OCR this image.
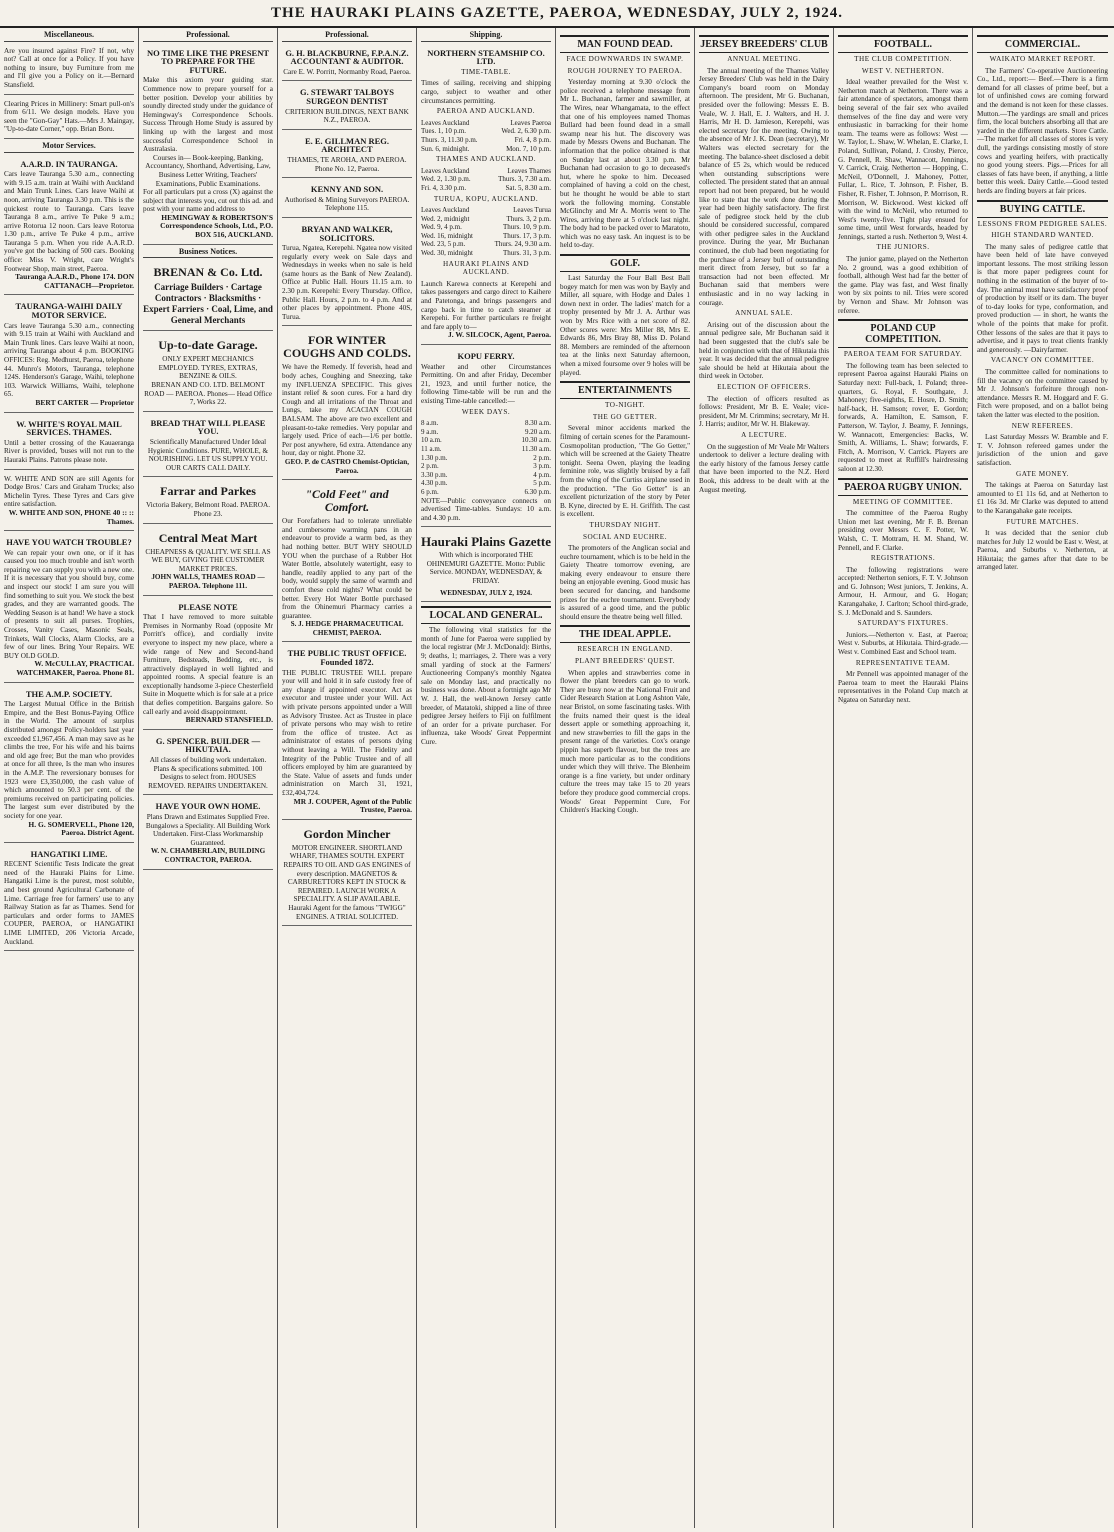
THE HAURAKI PLAINS GAZETTE, PAEROA, WEDNESDAY, JULY 2, 1924.
Miscellaneous.
Are you insured against Fire? If not, why not? Call at once for a Policy. If you have nothing to insure, buy Furniture from me and I'll give you a Policy on it.—Bernard Stansfield.
Clearing Prices in Millinery: Smart pull-on's from 6/11. We design models. Have you seen the "Gon-Gay" Hats.—Mrs J. Maingay, "Up-to-date Corner," opp. Brian Boru.
Motor Services.
A.A.R.D. IN TAURANGA.
Cars leave Tauranga 5.30 a.m., connecting with 9.15 a.m. train at Waihi with Auckland and Main Trunk Lines. Cars leave Waihi at noon, arriving Tauranga 3.30 p.m. This is the quickest route to Tauranga. Cars leave Tauranga 8 a.m., arrive Te Puke 9 a.m.; arrive Rotorua 12 noon. Cars leave Rotorua 1.30 p.m., arrive Te Puke 4 p.m., arrive Tauranga 5 p.m. When you ride A.A.R.D. you've got the backing of 500 cars. Booking office: Miss V. Wright, care Wright's Footwear Shop, main street, Paeroa.
Tauranga A.A.R.D., Phone 174. DON CATTANACH—Proprietor.
TAURANGA-WAIHI DAILY MOTOR SERVICE.
Cars leave Tauranga 5.30 a.m., connecting with 9.15 train at Waihi with Auckland and Main Trunk lines. Cars leave Waihi at noon, arriving Tauranga about 4 p.m. BOOKING OFFICES: Reg. Medhurst, Paeroa, telephone 44. Munro's Motors, Tauranga, telephone 124S. Henderson's Garage, Waihi, telephone 103. Warwick Williams, Waihi, telephone 65.
BERT CARTER — Proprietor
W. WHITE'S ROYAL MAIL SERVICES. THAMES.
Until a better crossing of the Kauaeranga River is provided, 'buses will not run to the Hauraki Plains. Patrons please note.
W. WHITE AND SON are still Agents for Dodge Bros.' Cars and Graham Trucks; also Michelin Tyres. These Tyres and Cars give entire satisfaction.
W. WHITE AND SON, PHONE 40 :: :: Thames.
HAVE YOU WATCH TROUBLE?
We can repair your own one, or if it has caused you too much trouble and isn't worth repairing we can supply you with a new one. If it is necessary that you should buy, come and inspect our stock! I am sure you will find something to suit you. We stock the best grades, and they are warranted goods. The Wedding Season is at hand! We have a stock of presents to suit all purses. Trophies, Crosses, Vanity Cases, Masonic Seals, Trinkets, Wall Clocks, Alarm Clocks, are a few of our lines. Bring Your Repairs. WE BUY OLD GOLD.
W. McCULLAY, PRACTICAL WATCHMAKER, Paeroa. Phone 81.
THE A.M.P. SOCIETY.
The Largest Mutual Office in the British Empire, and the Best Bonus-Paying Office in the World. The amount of surplus distributed amongst Policy-holders last year exceeded £1,967,456. A man may save as he climbs the tree, For his wife and his bairns and old age free; But the man who provides at once for all three, Is the man who insures in the A.M.P. The reversionary bonuses for 1923 were £3,350,000, the cash value of which amounted to 50.3 per cent. of the premiums received on participating policies. The largest sum ever distributed by the society for one year.
H. G. SOMERVELL, Phone 120, Paeroa. District Agent.
HANGATIKI LIME.
RECENT Scientific Tests Indicate the great need of the Hauraki Plains for Lime. Hangatiki Lime is the purest, most soluble, and best ground Agricultural Carbonate of Lime. Carriage free for farmers' use to any Railway Station as far as Thames. Send for particulars and order forms to JAMES COUPER, PAEROA, or HANGATIKI LIME LIMITED, 206 Victoria Arcade, Auckland.
Professional.
NO TIME LIKE THE PRESENT TO PREPARE FOR THE FUTURE.
Make this axiom your guiding star. Commence now to prepare yourself for a better position. Develop your abilities by soundly directed study under the guidance of Hemingway's Correspondence Schools. Success Through Home Study is assured by linking up with the largest and most successful Correspondence School in Australasia.
Courses in— Book-keeping, Banking, Accountancy, Shorthand, Advertising, Law, Business Letter Writing, Teachers' Examinations, Public Examinations.
For all particulars put a cross (X) against the subject that interests you, cut out this ad. and post with your name and address to
HEMINGWAY & ROBERTSON'S Correspondence Schools, Ltd., P.O. BOX 516, AUCKLAND.
Business Notices.
BRENAN & Co. Ltd.
Carriage Builders · Cartage Contractors · Blacksmiths · Expert Farriers · Coal, Lime, and General Merchants
Up-to-date Garage.
ONLY EXPERT MECHANICS EMPLOYED. TYRES, EXTRAS, BENZINE & OILS.
BRENAN AND CO. LTD. BELMONT ROAD — PAEROA. Phones— Head Office 7, Works 22.
BREAD THAT WILL PLEASE YOU.
Scientifically Manufactured Under Ideal Hygienic Conditions. PURE, WHOLE, & NOURISHING. LET US SUPPLY YOU. OUR CARTS CALL DAILY.
Farrar and Parkes
Victoria Bakery, Belmont Road. PAEROA. Phone 23.
Central Meat Mart
CHEAPNESS & QUALITY. WE SELL AS WE BUY, GIVING THE CUSTOMER MARKET PRICES.
JOHN WALLS, THAMES ROAD — PAEROA. Telephone 111.
PLEASE NOTE
That I have removed to more suitable Premises in Normanby Road (opposite Mr Porritt's office), and cordially invite everyone to inspect my new place, where a wide range of New and Second-hand Furniture, Bedsteads, Bedding, etc., is attractively displayed in well lighted and appointed rooms. A special feature is an exceptionally handsome 3-piece Chesterfield Suite in Moquette which is for sale at a price that defies competition. Bargains galore. So call early and avoid disappointment.
BERNARD STANSFIELD.
G. SPENCER. BUILDER — HIKUTAIA.
All classes of building work undertaken. Plans & specifications submitted. 100 Designs to select from. HOUSES REMOVED. REPAIRS UNDERTAKEN.
HAVE YOUR OWN HOME.
Plans Drawn and Estimates Supplied Free. Bungalows a Speciality. All Building Work Undertaken. First-Class Workmanship Guaranteed.
W. N. CHAMBERLAIN, BUILDING CONTRACTOR, PAEROA.
Professional.
G. H. BLACKBURNE, F.P.A.N.Z. ACCOUNTANT & AUDITOR.
Care E. W. Porritt, Normanby Road, Paeroa.
G. STEWART TALBOYS SURGEON DENTIST
CRITERION BUILDINGS, NEXT BANK N.Z., PAEROA.
E. E. GILLMAN REG. ARCHITECT
THAMES, TE AROHA, AND PAEROA. Phone No. 12, Paeroa.
KENNY AND SON.
Authorised & Mining Surveyors PAEROA. Telephone 115.
BRYAN AND WALKER, SOLICITORS.
Turua, Ngatea, Kerepehi. Ngatea now visited regularly every week on Sale days and Wednesdays in weeks when no sale is held (same hours as the Bank of New Zealand). Office at Public Hall. Hours 11.15 a.m. to 2.30 p.m. Kerepehi: Every Thursday. Office, Public Hall. Hours, 2 p.m. to 4 p.m. And at other places by appointment. Phone 40S, Turua.
FOR WINTER COUGHS AND COLDS.
We have the Remedy. If feverish, head and body aches, Coughing and Sneezing, take my INFLUENZA SPECIFIC. This gives instant relief & soon cures. For a hard dry Cough and all irritations of the Throat and Lungs, take my ACACIAN COUGH BALSAM. The above are two excellent and pleasant-to-take remedies. Very popular and largely used. Price of each—1/6 per bottle. Per post anywhere, 6d extra. Attendance any hour, day or night. Phone 32.
GEO. P. de CASTRO Chemist-Optician, Paeroa.
"Cold Feet" and Comfort.
Our Forefathers had to tolerate unreliable and cumbersome warming pans in an endeavour to provide a warm bed, as they had nothing better. BUT WHY SHOULD YOU when the purchase of a Rubber Hot Water Bottle, absolutely watertight, easy to handle, readily applied to any part of the body, would supply the same of warmth and comfort these cold nights? What could be better. Every Hot Water Bottle purchased from the Ohinemuri Pharmacy carries a guarantee.
S. J. HEDGE PHARMACEUTICAL CHEMIST, PAEROA.
THE PUBLIC TRUST OFFICE. Founded 1872.
THE PUBLIC TRUSTEE WILL prepare your will and hold it in safe custody free of any charge if appointed executor. Act as executor and trustee under your Will. Act with private persons appointed under a Will as Advisory Trustee. Act as Trustee in place of private persons who may wish to retire from the office of trustee. Act as administrator of estates of persons dying without leaving a Will. The Fidelity and Integrity of the Public Trustee and of all officers employed by him are guaranteed by the State. Value of assets and funds under administration on March 31, 1921, £32,404,724.
MR J. COUPER, Agent of the Public Trustee, Paeroa.
Gordon Mincher
MOTOR ENGINEER. SHORTLAND WHARF, THAMES SOUTH. EXPERT REPAIRS TO OIL AND GAS ENGINES of every description. MAGNETOS & CARBURETTORS KEPT IN STOCK & REPAIRED. LAUNCH WORK A SPECIALITY. A SLIP AVAILABLE. Hauraki Agent for the famous "TWIGG" ENGINES. A TRIAL SOLICITED.
Shipping.
NORTHERN STEAMSHIP CO. LTD.
TIME-TABLE.
Times of sailing, receiving and shipping cargo, subject to weather and other circumstances permitting.
PAEROA AND AUCKLAND.
Leaves Auckland	Leaves Paeroa
Tues. 1, 10 p.m.	Wed. 2, 6.30 p.m.
Thurs. 3, 11.30 p.m.	Fri. 4, 8 p.m.
Sun. 6, midnight.	Mon. 7, 10 p.m.
THAMES AND AUCKLAND.
Leaves Auckland	Leaves Thames
Wed. 2, 1.30 p.m.	Thurs. 3, 7.30 a.m.
Fri. 4, 3.30 p.m.	Sat. 5, 8.30 a.m.
TURUA, KOPU, AUCKLAND.
Leaves Auckland	Leaves Turua
Wed. 2, midnight	Thurs. 3, 2 p.m.
Wed. 9, 4 p.m.	Thurs. 10, 9 p.m.
Wed. 16, midnight	Thurs. 17, 3 p.m.
Wed. 23, 5 p.m.	Thurs. 24, 9.30 a.m.
Wed. 30, midnight	Thurs. 31, 3 p.m.
HAURAKI PLAINS AND AUCKLAND.
Launch Karewa connects at Kerepehi and takes passengers and cargo direct to Kaihere and Patetonga, and brings passengers and cargo back in time to catch steamer at Kerepehi. For further particulars re freight and fare apply to—
J. W. SILCOCK, Agent, Paeroa.
KOPU FERRY.
Weather and other Circumstances Permitting. On and after Friday, December 21, 1923, and until further notice, the following Time-table will be run and the existing Time-table cancelled:—
WEEK DAYS.
8 a.m.	8.30 a.m.
9 a.m.	9.20 a.m.
10 a.m.	10.30 a.m.
11 a.m.	11.30 a.m.
1.30 p.m.	2 p.m.
2 p.m.	3 p.m.
3.30 p.m.	4 p.m.
4.30 p.m.	5 p.m.
6 p.m.	6.30 p.m.
NOTE—Public conveyance connects on advertised Time-tables. Sundays: 10 a.m. and 4.30 p.m.
Hauraki Plains Gazette
With which is incorporated THE OHINEMURI GAZETTE. Motto: Public Service. MONDAY, WEDNESDAY, & FRIDAY.
WEDNESDAY, JULY 2, 1924.
LOCAL AND GENERAL.
The following vital statistics for the month of June for Paeroa were supplied by the local registrar (Mr J. McDonald): Births, 9; deaths, 1; marriages, 2. There was a very small yarding of stock at the Farmers' Auctioneering Company's monthly Ngatea sale on Monday last, and practically no business was done. About a fortnight ago Mr W. J. Hall, the well-known Jersey cattle breeder, of Matatoki, shipped a line of three pedigree Jersey heifers to Fiji on fulfilment of an order for a private purchaser. For influenza, take Woods' Great Peppermint Cure.
MAN FOUND DEAD.
FACE DOWNWARDS IN SWAMP.
ROUGH JOURNEY TO PAEROA.
Yesterday morning at 9.30 o'clock the police received a telephone message from Mr L. Buchanan, farmer and sawmiller, at The Wires, near Whangamata, to the effect that one of his employees named Thomas Bullard had been found dead in a small swamp near his hut. The discovery was made by Messrs Owens and Buchanan. The information that the police obtained is that on Sunday last at about 3.30 p.m. Mr Buchanan had occasion to go to deceased's hut, where he spoke to him. Deceased complained of having a cold on the chest, but he thought he would be able to start work the following morning. Constable McGlinchy and Mr A. Morris went to The Wires, arriving there at 5 o'clock last night. The body had to be packed over to Maratoto, which was no easy task. An inquest is to be held to-day.
GOLF.
Last Saturday the Four Ball Best Ball bogey match for men was won by Bayly and Miller, all square, with Hodge and Dales 1 down next in order. The ladies' match for a trophy presented by Mr J. A. Arthur was won by Mrs Rice with a net score of 82. Other scores were: Mrs Miller 88, Mrs E. Edwards 86, Mrs Bray 88, Miss D. Poland 88. Members are reminded of the afternoon tea at the links next Saturday afternoon, when a mixed foursome over 9 holes will be played.
ENTERTAINMENTS
TO-NIGHT.
THE GO GETTER.
Several minor accidents marked the filming of certain scenes for the Paramount-Cosmopolitan production, "The Go Getter," which will be screened at the Gaiety Theatre tonight. Seena Owen, playing the leading feminine role, was slightly bruised by a fall from the wing of the Curtiss airplane used in the production. "The Go Getter" is an excellent picturization of the story by Peter B. Kyne, directed by E. H. Griffith. The cast is excellent.
THURSDAY NIGHT.
SOCIAL AND EUCHRE.
The promoters of the Anglican social and euchre tournament, which is to be held in the Gaiety Theatre tomorrow evening, are making every endeavour to ensure there being an enjoyable evening. Good music has been secured for dancing, and handsome prizes for the euchre tournament. Everybody is assured of a good time, and the public should ensure the theatre being well filled.
THE IDEAL APPLE.
RESEARCH IN ENGLAND.
PLANT BREEDERS' QUEST.
When apples and strawberries come in flower the plant breeders can go to work. They are busy now at the National Fruit and Cider Research Station at Long Ashton Vale, near Bristol, on some fascinating tasks. With the fruits named their quest is the ideal dessert apple or something approaching it, and new strawberries to fill the gaps in the present range of the varieties. Cox's orange pippin has superb flavour, but the trees are much more particular as to the conditions under which they will thrive. The Blenheim orange is a fine variety, but under ordinary culture the trees may take 15 to 20 years before they produce good commercial crops. Woods' Great Peppermint Cure, For Children's Hacking Cough.
JERSEY BREEDERS' CLUB
ANNUAL MEETING.
The annual meeting of the Thames Valley Jersey Breeders' Club was held in the Dairy Company's board room on Monday afternoon. The president, Mr G. Buchanan, presided over the following: Messrs E. B. Veale, W. J. Hall, E. J. Walters, and H. J. Harris, Mr H. D. Jamieson, Kerepehi, was elected secretary for the meeting. Owing to the absence of Mr J. K. Dean (secretary), Mr Walters was elected secretary for the meeting. The balance-sheet disclosed a debit balance of £5 2s, which would be reduced when outstanding subscriptions were collected. The president stated that an annual report had not been prepared, but he would like to state that the work done during the year had been highly satisfactory. The first sale of pedigree stock held by the club should be considered successful, compared with other pedigree sales in the Auckland province. During the year, Mr Buchanan continued, the club had been negotiating for the purchase of a Jersey bull of outstanding merit direct from Jersey, but so far a transaction had not been effected. Mr Buchanan said that members were enthusiastic and in no way lacking in courage.
ANNUAL SALE.
Arising out of the discussion about the annual pedigree sale, Mr Buchanan said it had been suggested that the club's sale be held in conjunction with that of Hikutaia this year. It was decided that the annual pedigree sale should be held at Hikutaia about the third week in October.
ELECTION OF OFFICERS.
The election of officers resulted as follows: President, Mr B. E. Veale; vice-president, Mr M. Crimmins; secretary, Mr H. J. Harris; auditor, Mr W. H. Blakeway.
A LECTURE.
On the suggestion of Mr Veale Mr Walters undertook to deliver a lecture dealing with the early history of the famous Jersey cattle that have been imported to the N.Z. Herd Book, this address to be dealt with at the August meeting.
FOOTBALL.
THE CLUB COMPETITION.
WEST V. NETHERTON.
Ideal weather prevailed for the West v. Netherton match at Netherton. There was a fair attendance of spectators, amongst them being several of the fair sex who availed themselves of the fine day and were very enthusiastic in barracking for their home team. The teams were as follows: West — W. Taylor, L. Shaw, W. Whelan, E. Clarke, I. Poland, Sullivan, Poland, J. Crosby, Pierce, G. Pennell, R. Shaw, Wannacott, Jennings, V. Carrick, Craig. Netherton — Hopping, C. McNeil, O'Donnell, J. Mahoney, Potter, Fullar, L. Rice, T. Johnson, P. Fisher, B. Fisher, R. Fisher, T. Johnson, P. Morrison, R. Morrison, W. Bickwood. West kicked off with the wind to McNeil, who returned to West's twenty-five. Tight play ensued for some time, until West forwards, headed by Jennings, started a rush. Netherton 9, West 4.
THE JUNIORS.
The junior game, played on the Netherton No. 2 ground, was a good exhibition of football, although West had far the better of the game. Play was fast, and West finally won by six points to nil. Tries were scored by Vernon and Shaw. Mr Johnson was referee.
POLAND CUP COMPETITION.
PAEROA TEAM FOR SATURDAY.
The following team has been selected to represent Paeroa against Hauraki Plains on Saturday next: Full-back, I. Poland; three-quarters, G. Royal, F. Southgate, J. Mahoney; five-eighths, E. Hosre, D. Smith; half-back, H. Samson; rover, E. Gordon; forwards, A. Hamilton, E. Samson, F. Patterson, W. Taylor, J. Beamy, F. Jennings, W. Wannacott, Emergencies: Backs, W. Smith, A. Williams, L. Shaw; forwards, F. Fitch, A. Morrison, V. Carrick. Players are requested to meet at Ruffill's hairdressing saloon at 12.30.
PAEROA RUGBY UNION.
MEETING OF COMMITTEE.
The committee of the Paeroa Rugby Union met last evening, Mr F. B. Brenan presiding over Messrs C. F. Potter, W. Walsh, C. T. Mottram, H. M. Shand, W. Pennell, and F. Clarke.
REGISTRATIONS.
The following registrations were accepted: Netherton seniors, F. T. V. Johnson and G. Johnson; West juniors, T. Jenkins, A. Armour, H. Armour, and G. Hogan; Karangahake, J. Carlton; School third-grade, S. J. McDonald and S. Saunders.
SATURDAY'S FIXTURES.
Juniors.—Netherton v. East, at Paeroa; West v. Suburbs, at Hikutaia. Third-grade.—West v. Combined East and School team.
REPRESENTATIVE TEAM.
Mr Pennell was appointed manager of the Paeroa team to meet the Hauraki Plains representatives in the Poland Cup match at Ngatea on Saturday next.
COMMERCIAL.
WAIKATO MARKET REPORT.
The Farmers' Co-operative Auctioneering Co., Ltd., report:— Beef.—There is a firm demand for all classes of prime beef, but a lot of unfinished cows are coming forward and the demand is not keen for these classes. Mutton.—The yardings are small and prices firm, the local butchers absorbing all that are yarded in the different markets. Store Cattle.—The market for all classes of stores is very dull, the yardings consisting mostly of store cows and yearling heifers, with practically no good young steers. Pigs.—Prices for all classes of fats have been, if anything, a little better this week. Dairy Cattle.—Good tested herds are finding buyers at fair prices.
BUYING CATTLE.
LESSONS FROM PEDIGREE SALES.
HIGH STANDARD WANTED.
The many sales of pedigree cattle that have been held of late have conveyed important lessons. The most striking lesson is that more paper pedigrees count for nothing in the estimation of the buyer of to-day. The animal must have satisfactory proof of production by itself or its dam. The buyer of to-day looks for type, conformation, and proved production — in short, he wants the whole of the points that make for profit. Other lessons of the sales are that it pays to advertise, and it pays to treat clients frankly and generously. —Dairyfarmer.
VACANCY ON COMMITTEE.
The committee called for nominations to fill the vacancy on the committee caused by Mr J. Johnson's forfeiture through non-attendance. Messrs R. M. Hoggard and F. G. Fitch were proposed, and on a ballot being taken the latter was elected to the position.
NEW REFEREES.
Last Saturday Messrs W. Bramble and F. T. V. Johnson refereed games under the jurisdiction of the union and gave satisfaction.
GATE MONEY.
The takings at Paeroa on Saturday last amounted to £1 11s 6d, and at Netherton to £1 16s 3d. Mr Clarke was deputed to attend to the Karangahake gate receipts.
FUTURE MATCHES.
It was decided that the senior club matches for July 12 would be East v. West, at Paeroa, and Suburbs v. Netherton, at Hikutaia; the games after that date to be arranged later.
